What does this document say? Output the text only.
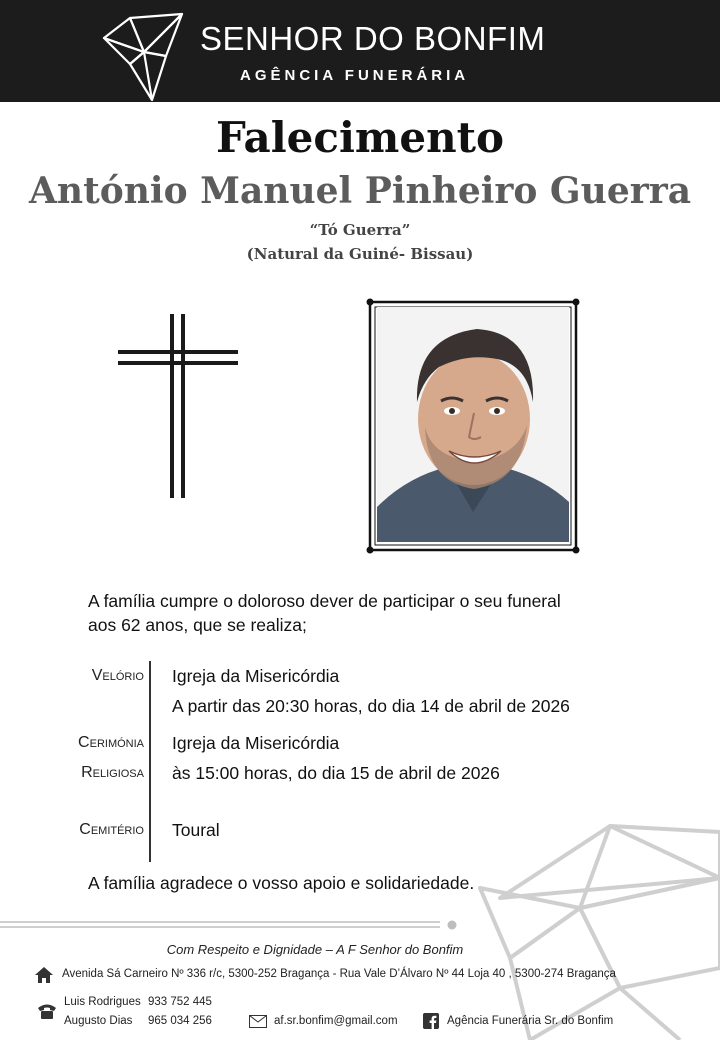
SENHOR DO BONFIM
AGÊNCIA FUNERÁRIA
Falecimento
António Manuel Pinheiro Guerra
“Tó Guerra”
(Natural da Guiné- Bissau)
A família cumpre o doloroso dever de participar o seu funeral
aos 62 anos, que se realiza;
Velório Igreja da Misericórdia
A partir das 20:30 horas, do dia 14 de abril de 2026
Cerimónia
Religiosa
Igreja da Misericórdia
às 15:00 horas, do dia 15 de abril de 2026
Cemitério Toural
A família agradece o vosso apoio e solidariedade.
Com Respeito e Dignidade – A F Senhor do Bonfim
Avenida Sá Carneiro Nº 336 r/c, 5300-252 Bragança - Rua Vale D’Álvaro Nº 44 Loja 40 , 5300-274 Bragança
Luis Rodrigues 933 752 445
Augusto Dias 965 034 256	af.sr.bonfim@gmail.com	Agência Funerária Sr. do Bonfim
